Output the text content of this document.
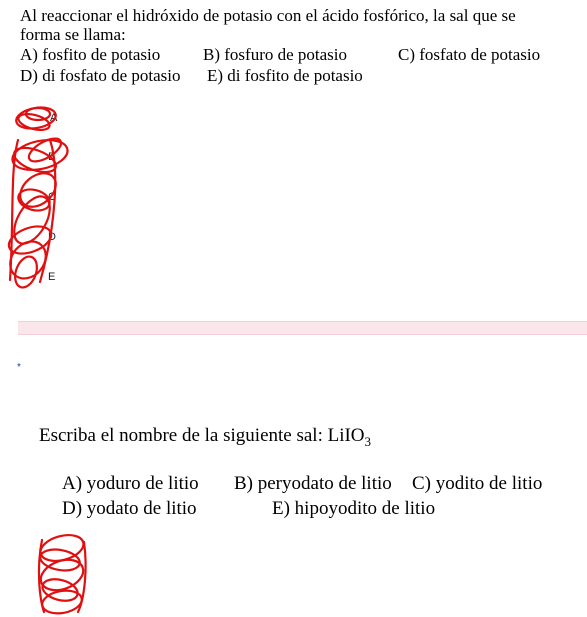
Al reaccionar el hidróxido de potasio con el ácido fosfórico, la sal que se
forma se llama:
A) fosfito de potasio	B) fosfuro de potasio	C) fosfato de potasio
D) di fosfato de potasio E) di fosfito de potasio
A
B
C
D
E
*
Escriba el nombre de la siguiente sal: LiIO$_3$
A) yoduro de litio B) peryodato de litio C) yodito de litio
D) yodato de litio	E) hipoyodito de litio
